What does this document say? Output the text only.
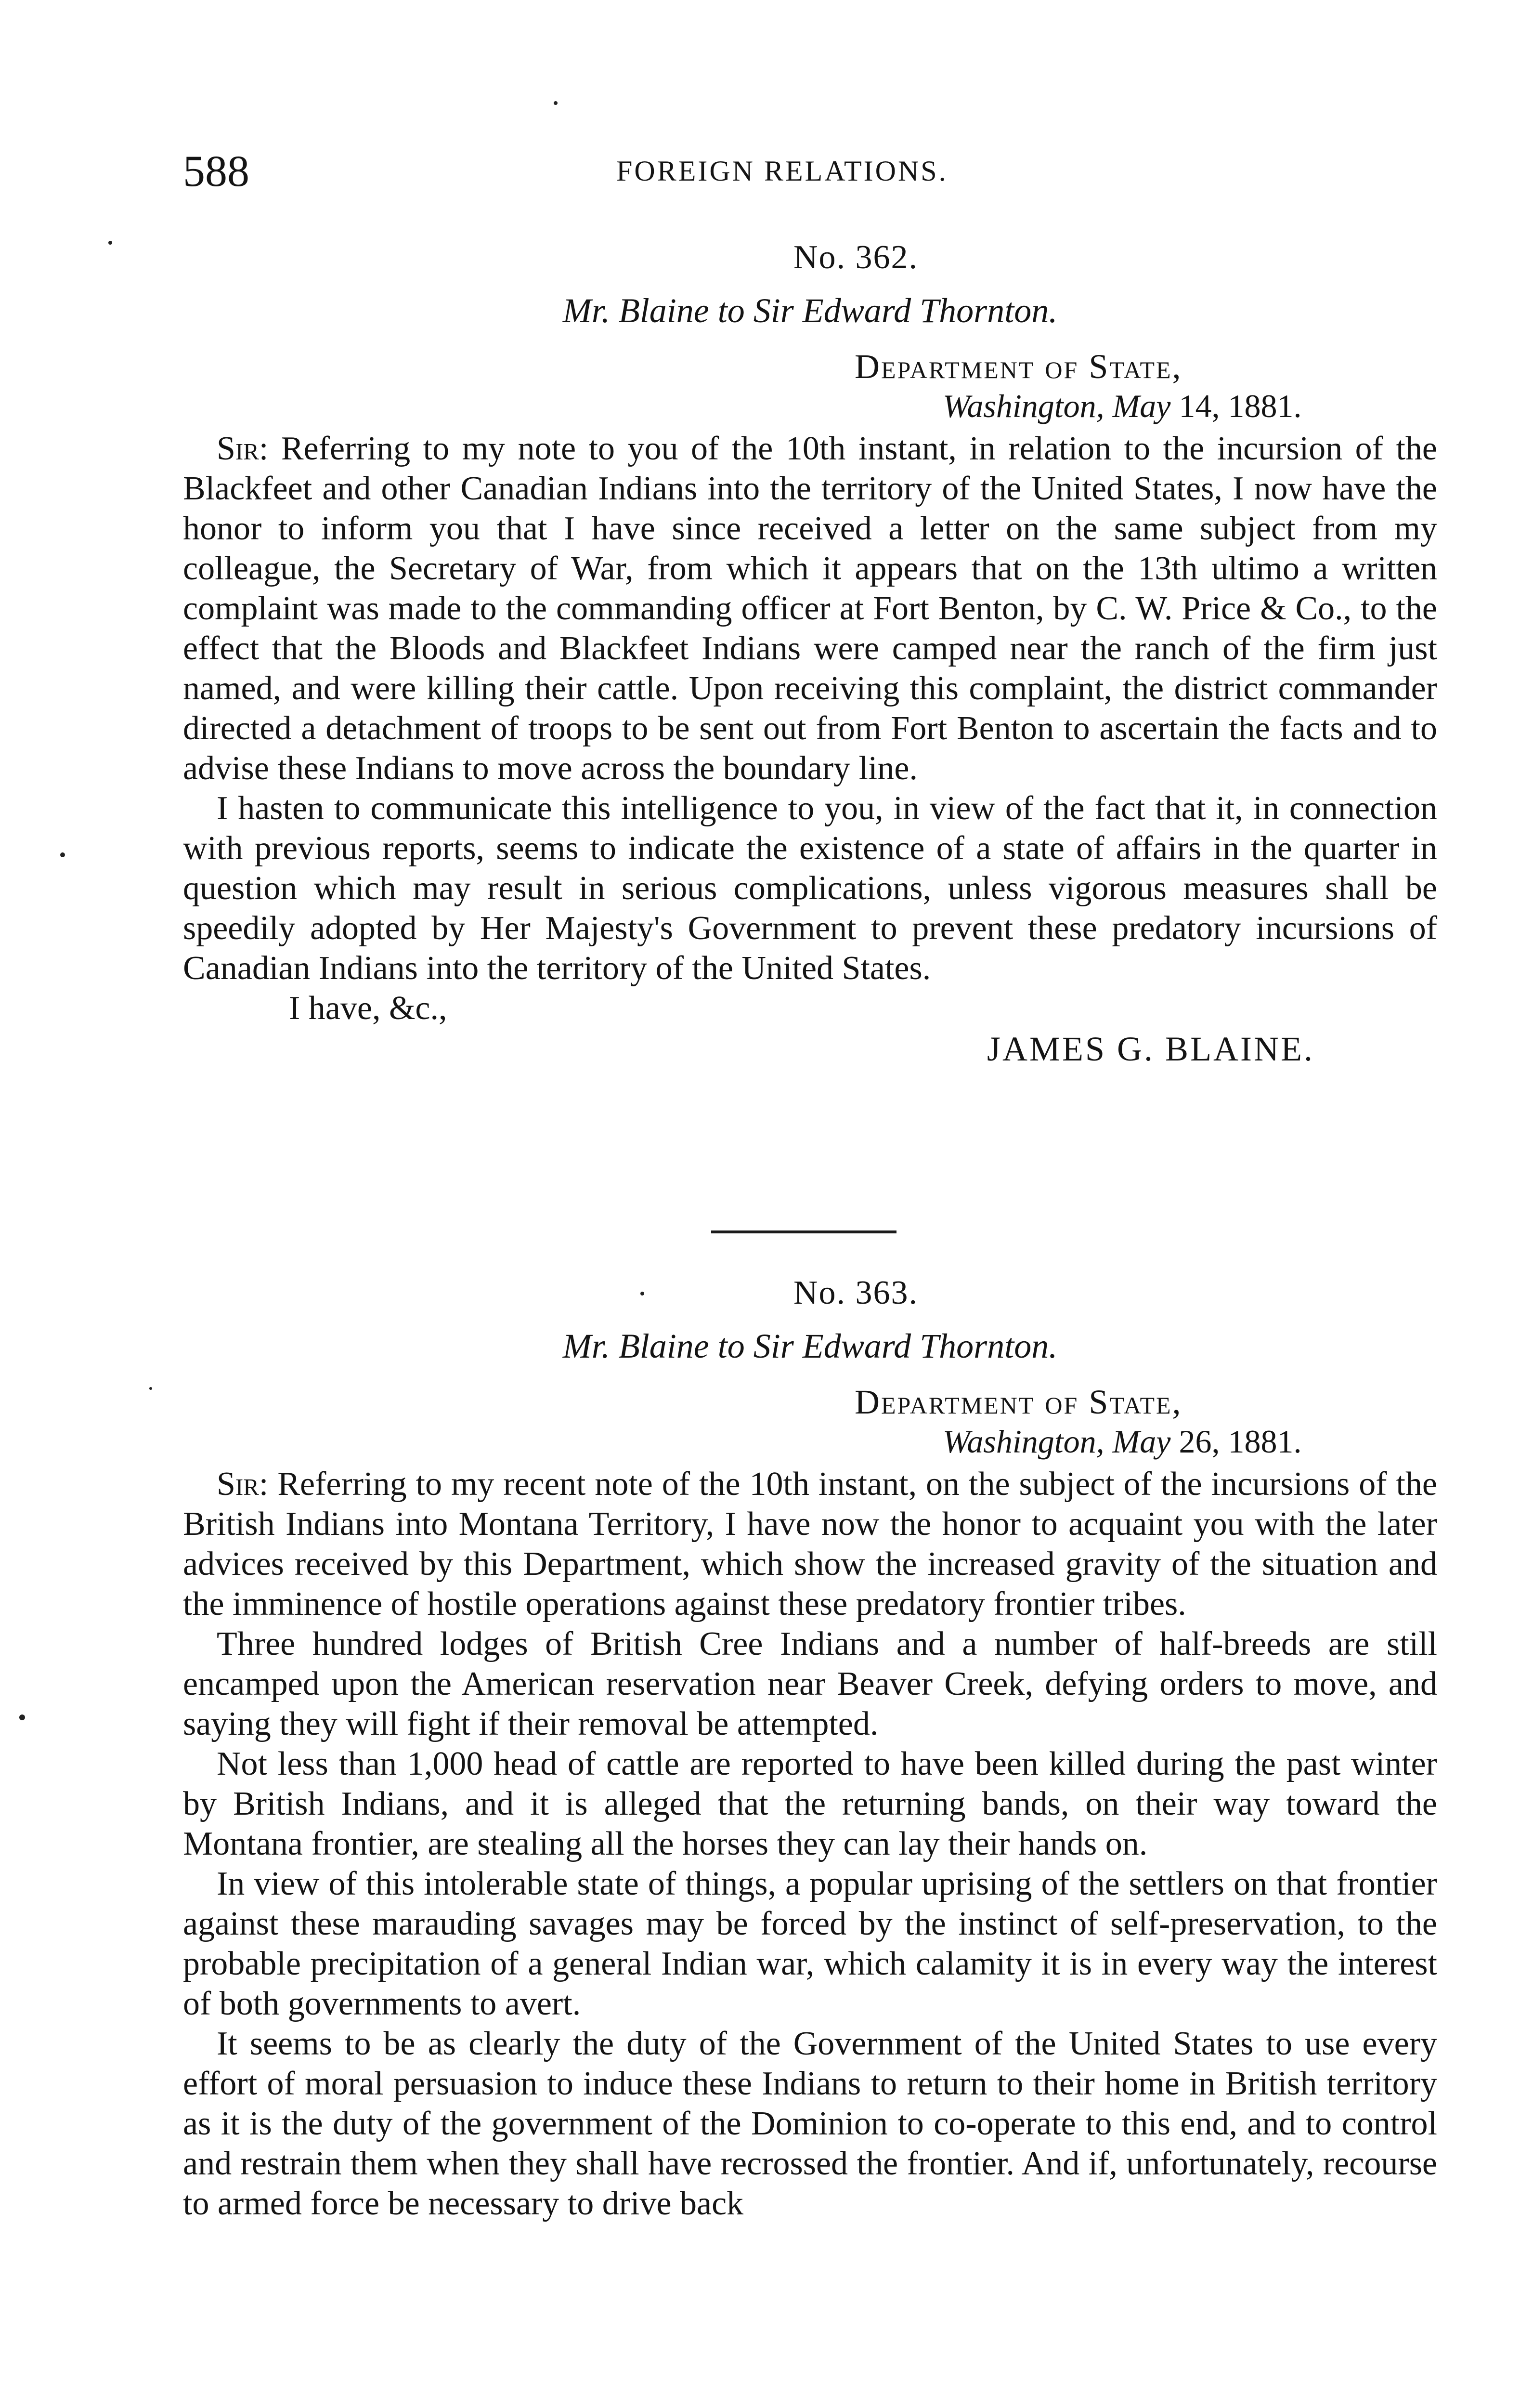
588	FOREIGN RELATIONS.
No. 362.
Mr. Blaine to Sir Edward Thornton.
Department of State,
Washington, May 14, 1881.

Sir: Referring to my note to you of the 10th instant, in relation to the incursion of the Blackfeet and other Canadian Indians into the territory of the United States, I now have the honor to inform you that I have since received a letter on the same subject from my colleague, the Secretary of War, from which it appears that on the 13th ultimo a written complaint was made to the commanding officer at Fort Benton, by C. W. Price & Co., to the effect that the Bloods and Blackfeet Indians were camped near the ranch of the firm just named, and were killing their cattle. Upon receiving this complaint, the district commander directed a detachment of troops to be sent out from Fort Benton to ascertain the facts and to advise these Indians to move across the boundary line.

I hasten to communicate this intelligence to you, in view of the fact that it, in connection with previous reports, seems to indicate the existence of a state of affairs in the quarter in question which may result in serious complications, unless vigorous measures shall be speedily adopted by Her Majesty's Government to prevent these predatory incursions of Canadian Indians into the territory of the United States.

I have, &c.,

JAMES G. BLAINE.

No. 363.
Mr. Blaine to Sir Edward Thornton.
Department of State,
Washington, May 26, 1881.

Sir: Referring to my recent note of the 10th instant, on the subject of the incursions of the British Indians into Montana Territory, I have now the honor to acquaint you with the later advices received by this Department, which show the increased gravity of the situation and the imminence of hostile operations against these predatory frontier tribes.

Three hundred lodges of British Cree Indians and a number of half-breeds are still encamped upon the American reservation near Beaver Creek, defying orders to move, and saying they will fight if their removal be attempted.

Not less than 1,000 head of cattle are reported to have been killed during the past winter by British Indians, and it is alleged that the returning bands, on their way toward the Montana frontier, are stealing all the horses they can lay their hands on.

In view of this intolerable state of things, a popular uprising of the settlers on that frontier against these marauding savages may be forced by the instinct of self-preservation, to the probable precipitation of a general Indian war, which calamity it is in every way the interest of both governments to avert.

It seems to be as clearly the duty of the Government of the United States to use every effort of moral persuasion to induce these Indians to return to their home in British territory as it is the duty of the government of the Dominion to co-operate to this end, and to control and restrain them when they shall have recrossed the frontier. And if, unfortunately, recourse to armed force be necessary to drive back
